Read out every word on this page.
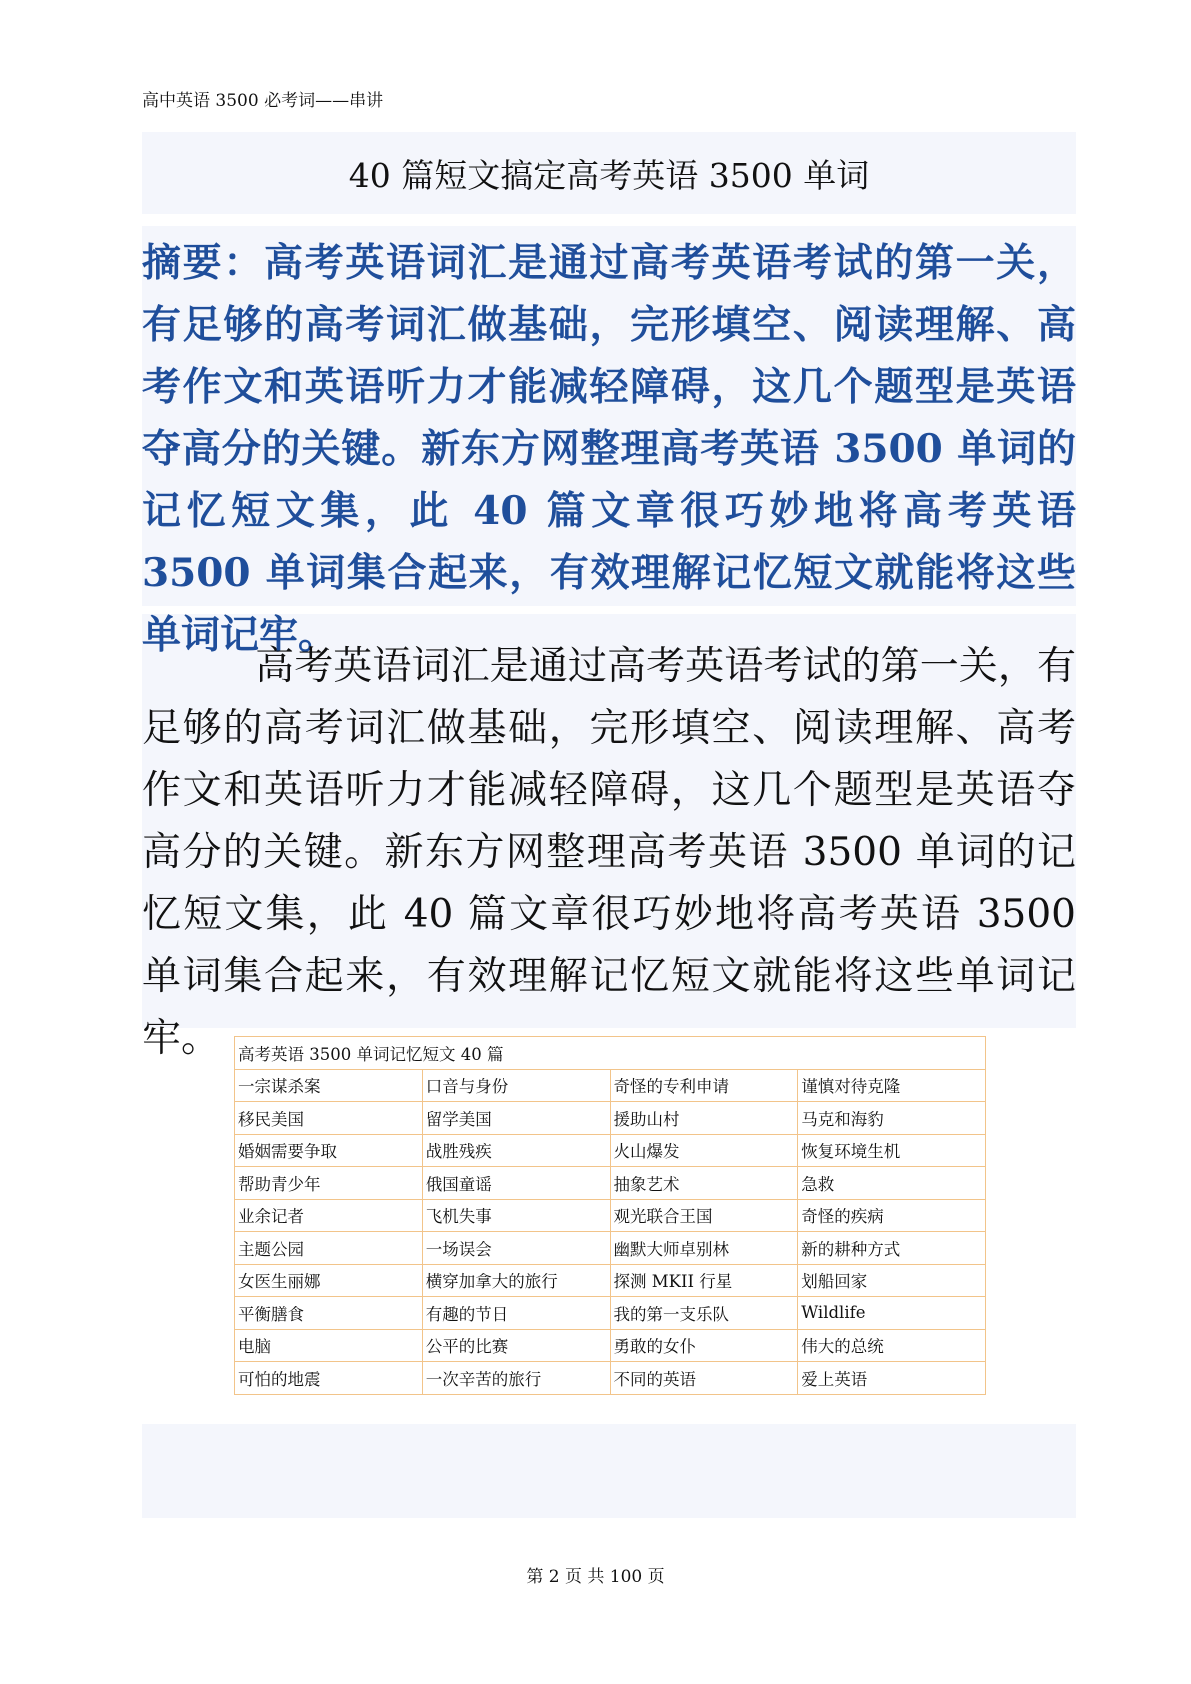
高中英语 3500 必考词——串讲
40 篇短文搞定高考英语 3500 单词
摘要：高考英语词汇是通过高考英语考试的第一关，有足够的高考词汇做基础，完形填空、阅读理解、高考作文和英语听力才能减轻障碍，这几个题型是英语夺高分的关键。新东方网整理高考英语 3500 单词的记忆短文集，此 40 篇文章很巧妙地将高考英语 3500 单词集合起来，有效理解记忆短文就能将这些单词记牢。
高考英语词汇是通过高考英语考试的第一关，有足够的高考词汇做基础，完形填空、阅读理解、高考作文和英语听力才能减轻障碍，这几个题型是英语夺高分的关键。新东方网整理高考英语 3500 单词的记忆短文集，此 40 篇文章很巧妙地将高考英语 3500 单词集合起来，有效理解记忆短文就能将这些单词记牢。	高考英语 3500 单词记忆短文 40 篇			
一宗谋杀案	口音与身份	奇怪的专利申请	谨慎对待克隆
移民美国	留学美国	援助山村	马克和海豹
婚姻需要争取	战胜残疾	火山爆发	恢复环境生机
帮助青少年	俄国童谣	抽象艺术	急救
业余记者	飞机失事	观光联合王国	奇怪的疾病
主题公园	一场误会	幽默大师卓别林	新的耕种方式
女医生丽娜	横穿加拿大的旅行	探测 MKII 行星	划船回家
平衡膳食	有趣的节日	我的第一支乐队	Wildlife
电脑	公平的比赛	勇敢的女仆	伟大的总统
可怕的地震	一次辛苦的旅行	不同的英语	爱上英语
第 2 页 共 100 页
